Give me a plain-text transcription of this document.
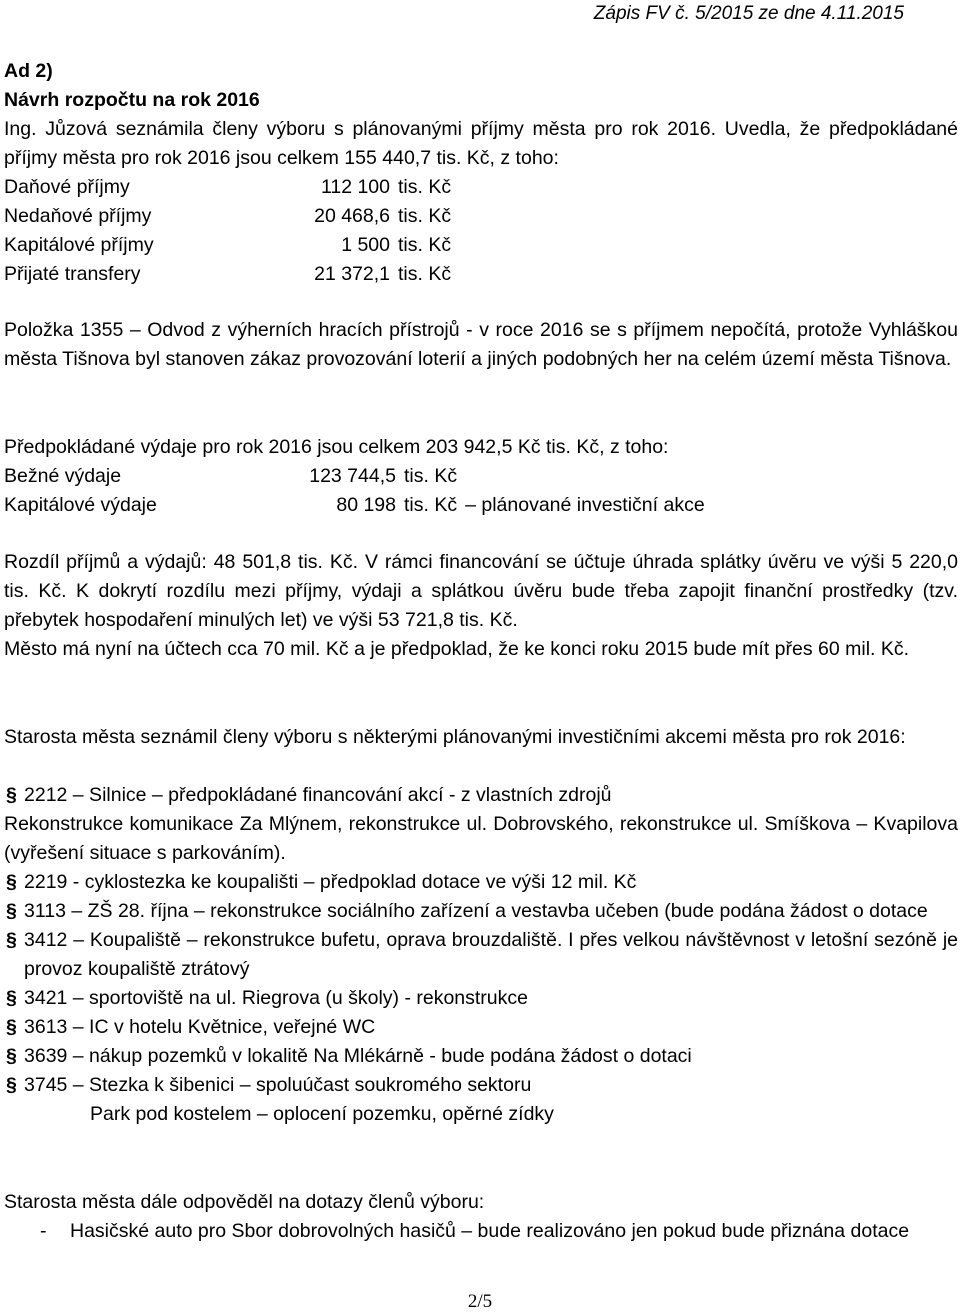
Zápis FV č. 5/2015 ze dne 4.11.2015
Ad 2)
Návrh rozpočtu na rok 2016
Ing. Jůzová seznámila členy výboru s plánovanými příjmy města pro rok 2016. Uvedla, že předpokládané příjmy města pro rok 2016 jsou celkem 155 440,7 tis. Kč, z toho:
Daňové příjmy	112 100 tis. Kč
Nedaňové příjmy	20 468,6 tis. Kč
Kapitálové příjmy	1 500 tis. Kč
Přijaté transfery	21 372,1 tis. Kč
Položka 1355 – Odvod z výherních hracích přístrojů - v roce 2016 se s příjmem nepočítá, protože Vyhláškou města Tišnova byl stanoven zákaz provozování loterií a jiných podobných her na celém území města Tišnova.
Předpokládané výdaje pro rok 2016 jsou celkem 203 942,5 Kč tis. Kč, z toho:
Bežné výdaje	123 744,5 tis. Kč
Kapitálové výdaje	80 198 tis. Kč – plánované investiční akce
Rozdíl příjmů a výdajů: 48 501,8 tis. Kč. V rámci financování se účtuje úhrada splátky úvěru ve výši 5 220,0 tis. Kč. K dokrytí rozdílu mezi příjmy, výdaji a splátkou úvěru bude třeba zapojit finanční prostředky (tzv. přebytek hospodaření minulých let) ve výši 53 721,8 tis. Kč.
Město má nyní na účtech cca 70 mil. Kč a je předpoklad, že ke konci roku 2015 bude mít přes 60 mil. Kč.
Starosta města seznámil členy výboru s některými plánovanými investičními akcemi města pro rok 2016:
§ 2212 – Silnice – předpokládané financování akcí - z vlastních zdrojů
Rekonstrukce komunikace Za Mlýnem, rekonstrukce ul. Dobrovského, rekonstrukce ul. Smíškova – Kvapilova (vyřešení situace s parkováním).
§ 2219 - cyklostezka ke koupališti – předpoklad dotace ve výši 12 mil. Kč
§ 3113 – ZŠ 28. října – rekonstrukce sociálního zařízení a vestavba učeben (bude podána žádost o dotace
§ 3412 – Koupaliště – rekonstrukce bufetu, oprava brouzdaliště. I přes velkou návštěvnost v letošní sezóně je provoz koupaliště ztrátový
§ 3421 – sportoviště na ul. Riegrova (u školy) - rekonstrukce
§ 3613 – IC v hotelu Květnice, veřejné WC
§ 3639 – nákup pozemků v lokalitě Na Mlékárně - bude podána žádost o dotaci
§ 3745 – Stezka k šibenici – spoluúčast soukromého sektoru
Park pod kostelem – oplocení pozemku, opěrné zídky
Starosta města dále odpověděl na dotazy členů výboru:
-	Hasičské auto pro Sbor dobrovolných hasičů – bude realizováno jen pokud bude přiznána dotace
2/5
